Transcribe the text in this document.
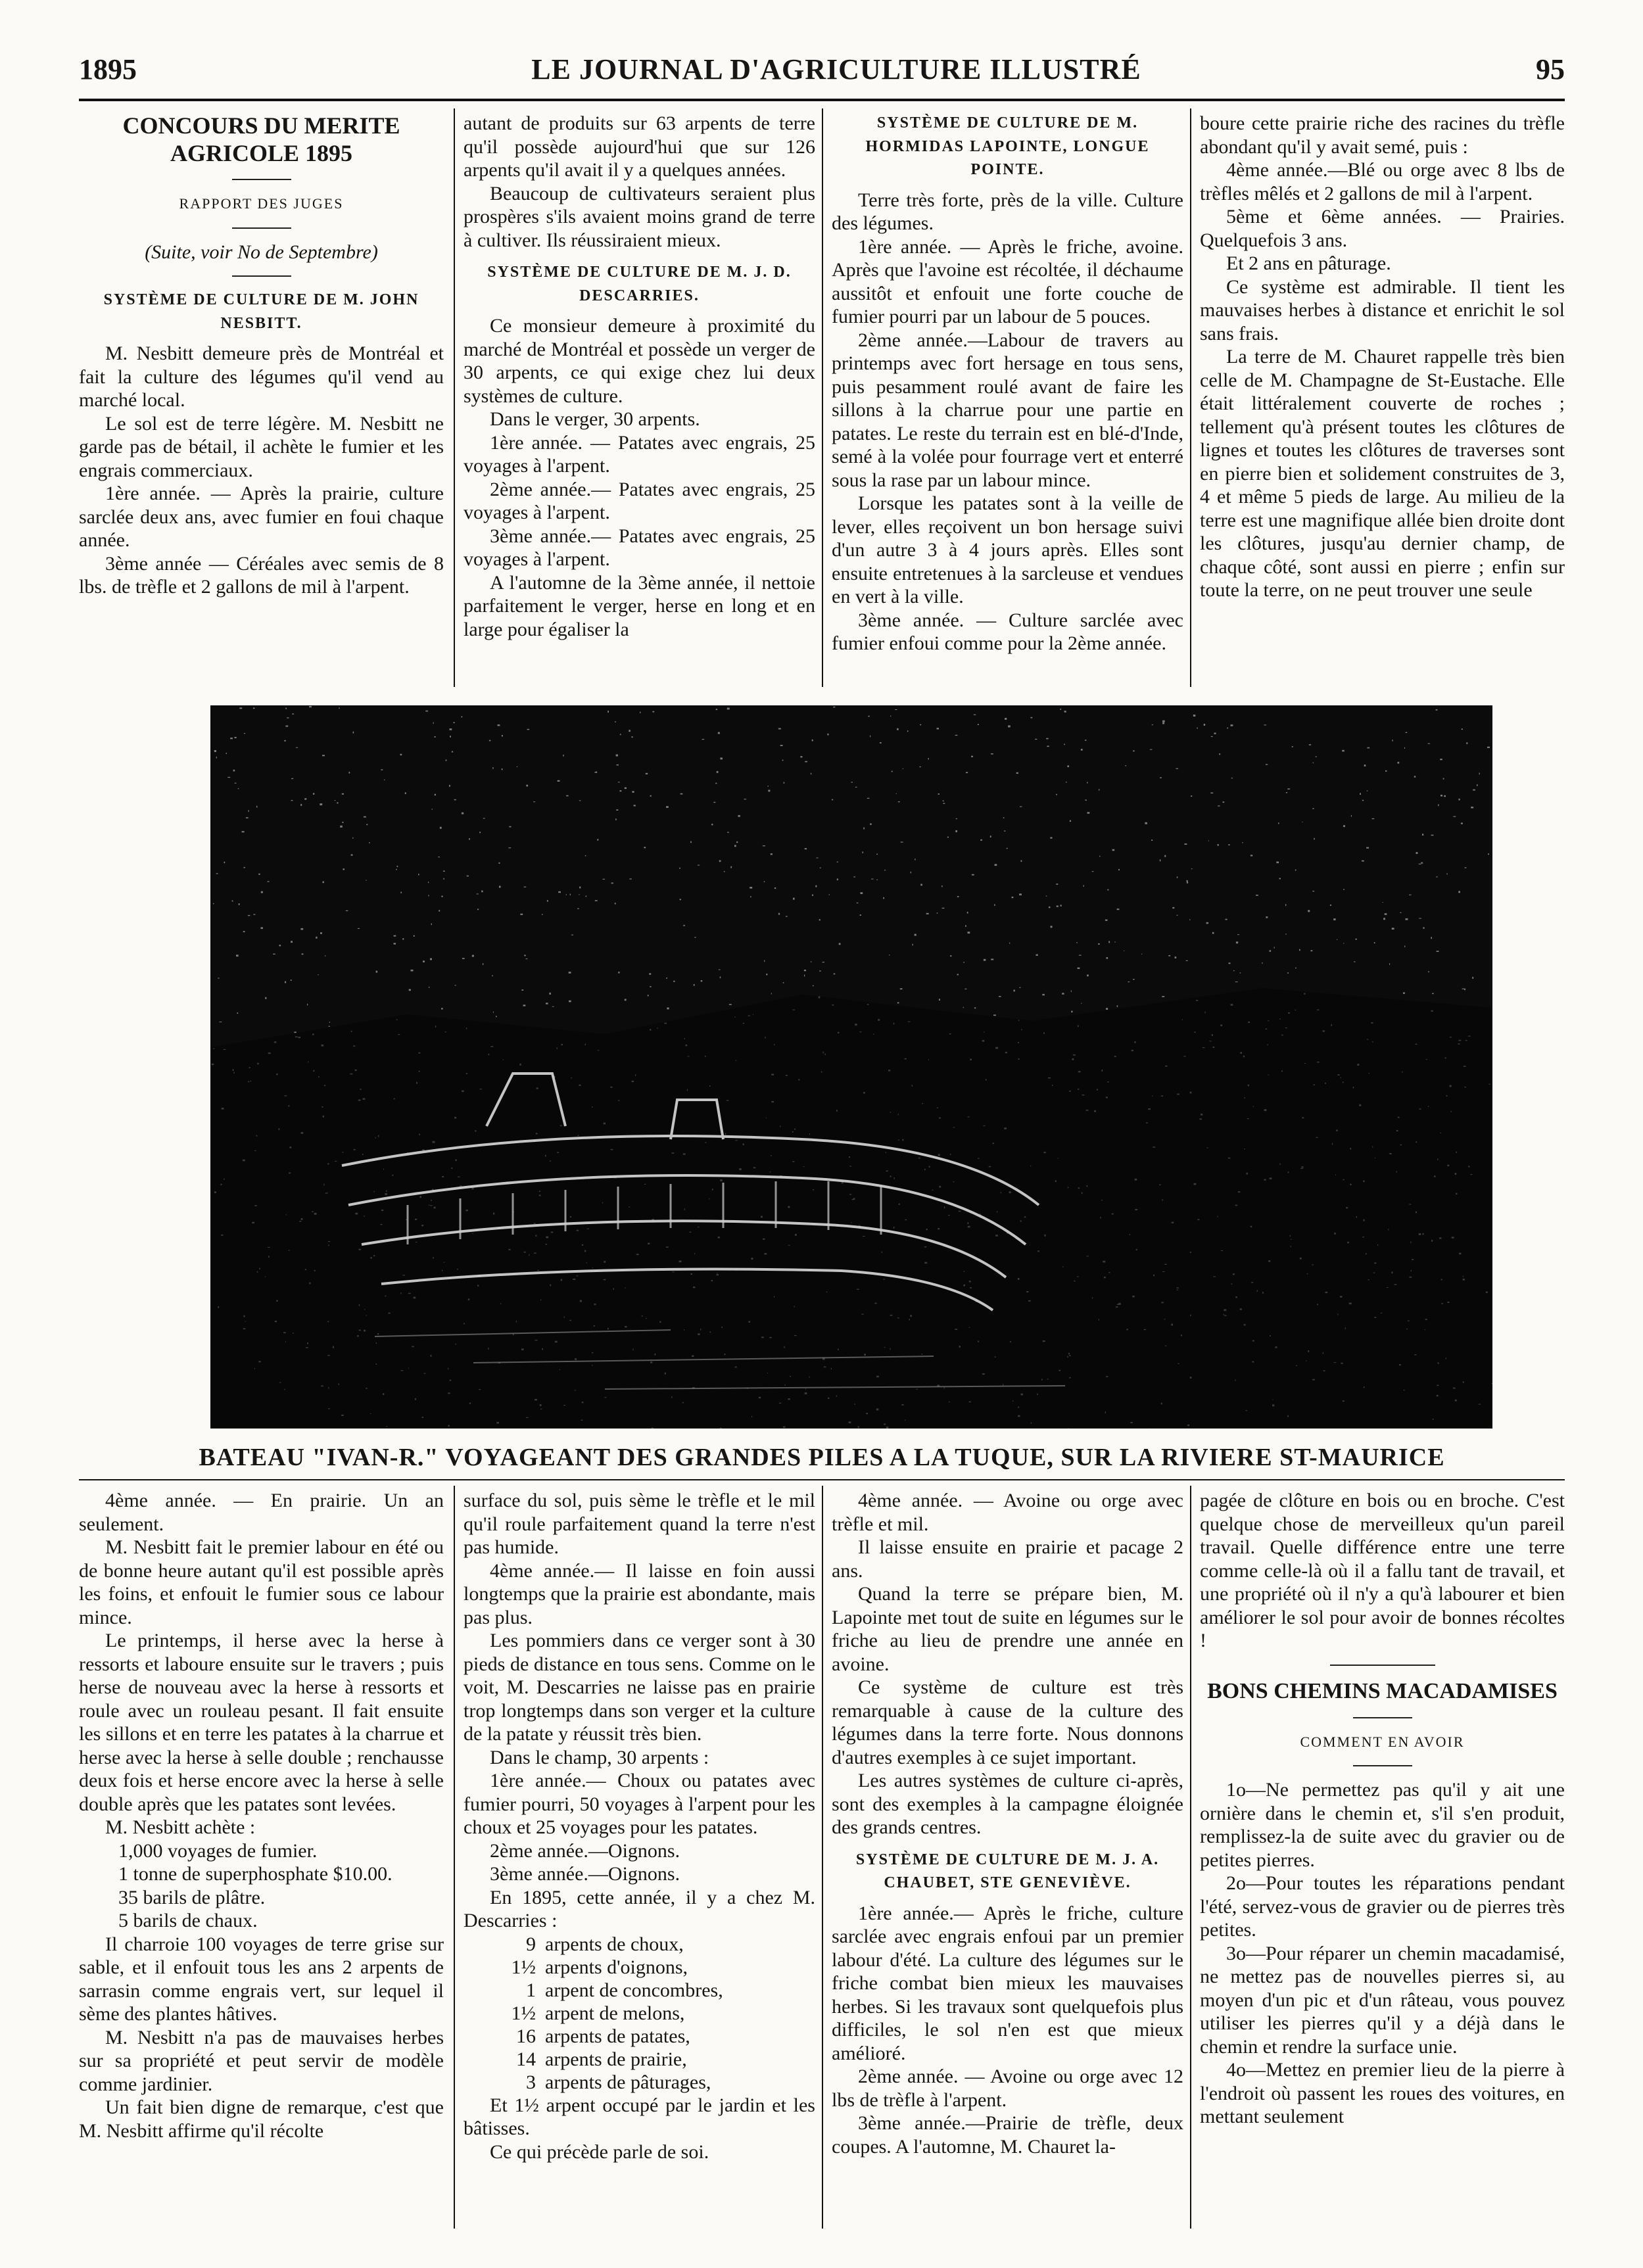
1895	LE JOURNAL D'AGRICULTURE ILLUSTRÉ	95

CONCOURS DU MERITE AGRICOLE 1895

RAPPORT DES JUGES

(Suite, voir No de Septembre)

SYSTÈME DE CULTURE DE M. JOHN NESBITT.

M. Nesbitt demeure près de Montréal et fait la culture des légumes qu'il vend au marché local.

Le sol est de terre légère. M. Nesbitt ne garde pas de bétail, il achète le fumier et les engrais commerciaux.

1ère année. — Après la prairie, culture sarclée deux ans, avec fumier en foui chaque année.

3ème année — Céréales avec semis de 8 lbs. de trèfle et 2 gallons de mil à l'arpent.

autant de produits sur 63 arpents de terre qu'il possède aujourd'hui que sur 126 arpents qu'il avait il y a quelques années.

Beaucoup de cultivateurs seraient plus prospères s'ils avaient moins grand de terre à cultiver. Ils réussiraient mieux.

SYSTÈME DE CULTURE DE M. J. D. DESCARRIES.

Ce monsieur demeure à proximité du marché de Montréal et possède un verger de 30 arpents, ce qui exige chez lui deux systèmes de culture.

Dans le verger, 30 arpents.

1ère année. — Patates avec engrais, 25 voyages à l'arpent.

2ème année.— Patates avec engrais, 25 voyages à l'arpent.

3ème année.— Patates avec engrais, 25 voyages à l'arpent.

A l'automne de la 3ème année, il nettoie parfaitement le verger, herse en long et en large pour égaliser la

SYSTÈME DE CULTURE DE M. HORMIDAS LAPOINTE, LONGUE POINTE.

Terre très forte, près de la ville. Culture des légumes.

1ère année. — Après le friche, avoine. Après que l'avoine est récoltée, il déchaume aussitôt et enfouit une forte couche de fumier pourri par un labour de 5 pouces.

2ème année.—Labour de travers au printemps avec fort hersage en tous sens, puis pesamment roulé avant de faire les sillons à la charrue pour une partie en patates. Le reste du terrain est en blé-d'Inde, semé à la volée pour fourrage vert et enterré sous la rase par un labour mince.

Lorsque les patates sont à la veille de lever, elles reçoivent un bon hersage suivi d'un autre 3 à 4 jours après. Elles sont ensuite entretenues à la sarcleuse et vendues en vert à la ville.

3ème année. — Culture sarclée avec fumier enfoui comme pour la 2ème année.

boure cette prairie riche des racines du trèfle abondant qu'il y avait semé, puis :

4ème année.—Blé ou orge avec 8 lbs de trèfles mêlés et 2 gallons de mil à l'arpent.

5ème et 6ème années. — Prairies. Quelquefois 3 ans.

Et 2 ans en pâturage.

Ce système est admirable. Il tient les mauvaises herbes à distance et enrichit le sol sans frais.

La terre de M. Chauret rappelle très bien celle de M. Champagne de St-Eustache. Elle était littéralement couverte de roches ; tellement qu'à présent toutes les clôtures de lignes et toutes les clôtures de traverses sont en pierre bien et solidement construites de 3, 4 et même 5 pieds de large. Au milieu de la terre est une magnifique allée bien droite dont les clôtures, jusqu'au dernier champ, de chaque côté, sont aussi en pierre ; enfin sur toute la terre, on ne peut trouver une seule

BATEAU "IVAN-R." VOYAGEANT DES GRANDES PILES A LA TUQUE, SUR LA RIVIERE ST-MAURICE

4ème année. — En prairie. Un an seulement.

M. Nesbitt fait le premier labour en été ou de bonne heure autant qu'il est possible après les foins, et enfouit le fumier sous ce labour mince.

Le printemps, il herse avec la herse à ressorts et laboure ensuite sur le travers ; puis herse de nouveau avec la herse à ressorts et roule avec un rouleau pesant. Il fait ensuite les sillons et en terre les patates à la charrue et herse avec la herse à selle double ; renchausse deux fois et herse encore avec la herse à selle double après que les patates sont levées.

M. Nesbitt achète :

1,000 voyages de fumier.

1 tonne de superphosphate $10.00.

35 barils de plâtre.

5 barils de chaux.

Il charroie 100 voyages de terre grise sur sable, et il enfouit tous les ans 2 arpents de sarrasin comme engrais vert, sur lequel il sème des plantes hâtives.

M. Nesbitt n'a pas de mauvaises herbes sur sa propriété et peut servir de modèle comme jardinier.

Un fait bien digne de remarque, c'est que M. Nesbitt affirme qu'il récolte

surface du sol, puis sème le trèfle et le mil qu'il roule parfaitement quand la terre n'est pas humide.

4ème année.— Il laisse en foin aussi longtemps que la prairie est abondante, mais pas plus.

Les pommiers dans ce verger sont à 30 pieds de distance en tous sens. Comme on le voit, M. Descarries ne laisse pas en prairie trop longtemps dans son verger et la culture de la patate y réussit très bien.

Dans le champ, 30 arpents :

1ère année.— Choux ou patates avec fumier pourri, 50 voyages à l'arpent pour les choux et 25 voyages pour les patates.

2ème année.—Oignons.

3ème année.—Oignons.

En 1895, cette année, il y a chez M. Descarries :

9	arpents de choux,
1½	arpents d'oignons,
1	arpent de concombres,
1½	arpent de melons,
16	arpents de patates,
14	arpents de prairie,
3	arpents de pâturages,

Et 1½ arpent occupé par le jardin et les bâtisses.

Ce qui précède parle de soi.

4ème année. — Avoine ou orge avec trèfle et mil.

Il laisse ensuite en prairie et pacage 2 ans.

Quand la terre se prépare bien, M. Lapointe met tout de suite en légumes sur le friche au lieu de prendre une année en avoine.

Ce système de culture est très remarquable à cause de la culture des légumes dans la terre forte. Nous donnons d'autres exemples à ce sujet important.

Les autres systèmes de culture ci-après, sont des exemples à la campagne éloignée des grands centres.

SYSTÈME DE CULTURE DE M. J. A. CHAUBET, STE GENEVIÈVE.

1ère année.— Après le friche, culture sarclée avec engrais enfoui par un premier labour d'été. La culture des légumes sur le friche combat bien mieux les mauvaises herbes. Si les travaux sont quelquefois plus difficiles, le sol n'en est que mieux amélioré.

2ème année. — Avoine ou orge avec 12 lbs de trèfle à l'arpent.

3ème année.—Prairie de trèfle, deux coupes. A l'automne, M. Chauret la-

pagée de clôture en bois ou en broche. C'est quelque chose de merveilleux qu'un pareil travail. Quelle différence entre une terre comme celle-là où il a fallu tant de travail, et une propriété où il n'y a qu'à labourer et bien améliorer le sol pour avoir de bonnes récoltes !

BONS CHEMINS MACADAMISES

COMMENT EN AVOIR

1o—Ne permettez pas qu'il y ait une ornière dans le chemin et, s'il s'en produit, remplissez-la de suite avec du gravier ou de petites pierres.

2o—Pour toutes les réparations pendant l'été, servez-vous de gravier ou de pierres très petites.

3o—Pour réparer un chemin macadamisé, ne mettez pas de nouvelles pierres si, au moyen d'un pic et d'un râteau, vous pouvez utiliser les pierres qu'il y a déjà dans le chemin et rendre la surface unie.

4o—Mettez en premier lieu de la pierre à l'endroit où passent les roues des voitures, en mettant seulement
